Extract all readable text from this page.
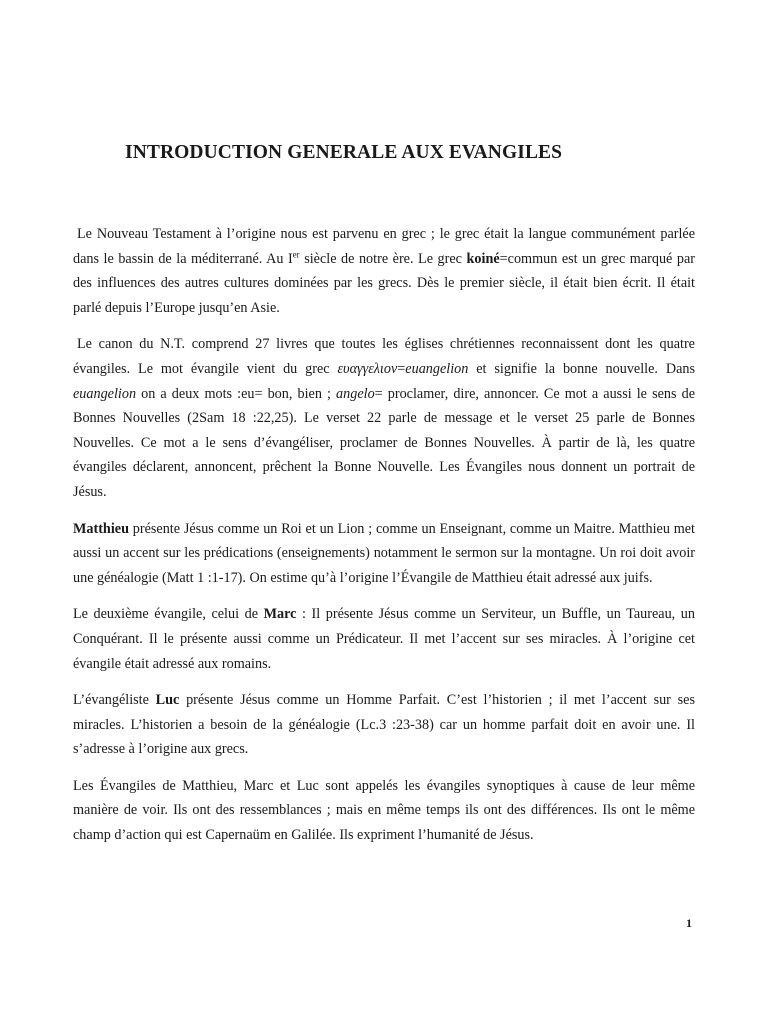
INTRODUCTION GENERALE AUX EVANGILES

Le Nouveau Testament à l’origine nous est parvenu en grec ; le grec était la langue communément parlée dans le bassin de la méditerrané. Au Ier siècle de notre ère. Le grec koiné=commun est un grec marqué par des influences des autres cultures dominées par les grecs. Dès le premier siècle, il était bien écrit. Il était parlé depuis l’Europe jusqu’en Asie.

Le canon du N.T. comprend 27 livres que toutes les églises chrétiennes reconnaissent dont les quatre évangiles. Le mot évangile vient du grec ευαγγελιον=euangelion et signifie la bonne nouvelle. Dans euangelion on a deux mots :eu= bon, bien ; angelo= proclamer, dire, annoncer. Ce mot a aussi le sens de Bonnes Nouvelles (2Sam 18 :22,25). Le verset 22 parle de message et le verset 25 parle de Bonnes Nouvelles. Ce mot a le sens d’évangéliser, proclamer de Bonnes Nouvelles. À partir de là, les quatre évangiles déclarent, annoncent, prêchent la Bonne Nouvelle. Les Évangiles nous donnent un portrait de Jésus.

Matthieu présente Jésus comme un Roi et un Lion ; comme un Enseignant, comme un Maitre. Matthieu met aussi un accent sur les prédications (enseignements) notamment le sermon sur la montagne. Un roi doit avoir une généalogie (Matt 1 :1-17). On estime qu’à l’origine l’Évangile de Matthieu était adressé aux juifs.

Le deuxième évangile, celui de Marc : Il présente Jésus comme un Serviteur, un Buffle, un Taureau, un Conquérant. Il le présente aussi comme un Prédicateur. Il met l’accent sur ses miracles. À l’origine cet évangile était adressé aux romains.

L’évangéliste Luc présente Jésus comme un Homme Parfait. C’est l’historien ; il met l’accent sur ses miracles. L’historien a besoin de la généalogie (Lc.3 :23-38) car un homme parfait doit en avoir une. Il s’adresse à l’origine aux grecs.

Les Évangiles de Matthieu, Marc et Luc sont appelés les évangiles synoptiques à cause de leur même manière de voir. Ils ont des ressemblances ; mais en même temps ils ont des différences. Ils ont le même champ d’action qui est Capernaüm en Galilée. Ils expriment l’humanité de Jésus.

1
